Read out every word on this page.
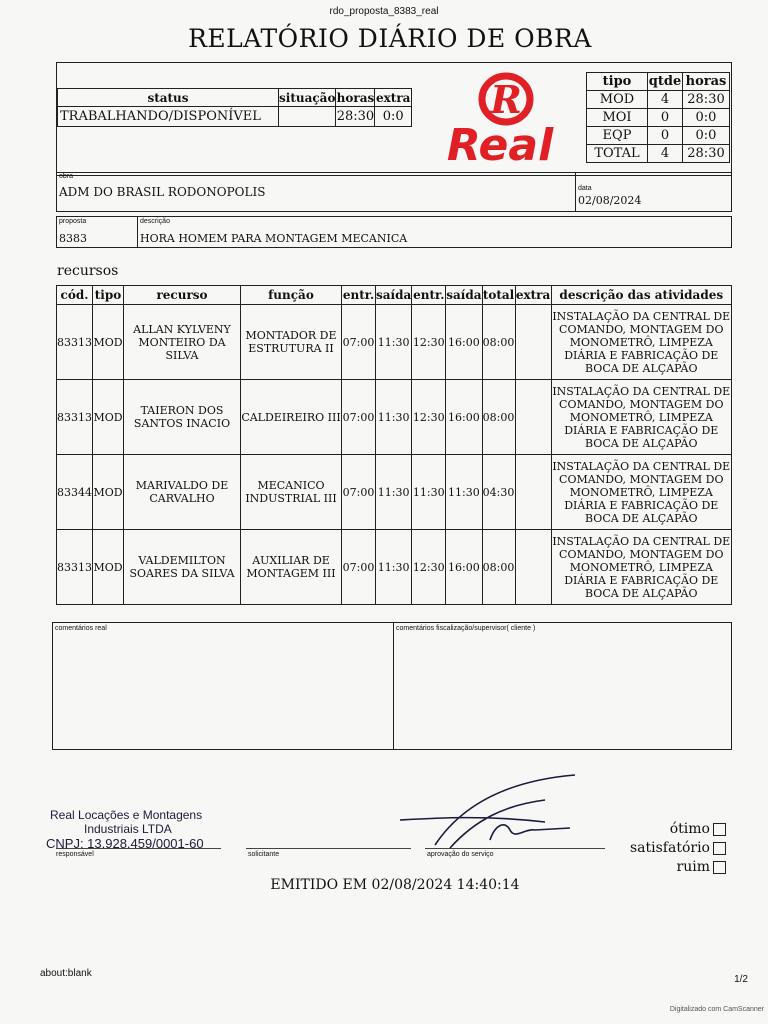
rdo_proposta_8383_real
RELATÓRIO DIÁRIO DE OBRA
status	situação	horas	extra
TRABALHANDO/DISPONÍVEL		28:30	0:0 R
Real
tipo	qtde	horas
MOD	4	28:30
MOI	0	0:0
EQP	0	0:0
TOTAL	4	28:30
obra
ADM DO BRASIL RODONOPOLIS	data
02/08/2024
proposta
8383
descrição
HORA HOMEM PARA MONTAGEM MECANICA
recursos
cód.	tipo	recurso	função	entr.	saída	entr.	saída	total	extra	descrição das atividades
83313	MOD	ALLAN KYLVENY MONTEIRO DA SILVA	MONTADOR DE ESTRUTURA II	07:00	11:30	12:30	16:00	08:00		INSTALAÇÃO DA CENTRAL DE COMANDO, MONTAGEM DO MONOMETRÔ, LIMPEZA DIÁRIA E FABRICAÇÃO DE BOCA DE ALÇAPÃO
83313	MOD	TAIERON DOS SANTOS INACIO	CALDEIREIRO III	07:00	11:30	12:30	16:00	08:00		INSTALAÇÃO DA CENTRAL DE COMANDO, MONTAGEM DO MONOMETRÔ, LIMPEZA DIÁRIA E FABRICAÇÃO DE BOCA DE ALÇAPÃO
83344	MOD	MARIVALDO DE CARVALHO	MECANICO INDUSTRIAL III	07:00	11:30	11:30	11:30	04:30		INSTALAÇÃO DA CENTRAL DE COMANDO, MONTAGEM DO MONOMETRÔ, LIMPEZA DIÁRIA E FABRICAÇÃO DE BOCA DE ALÇAPÃO
83313	MOD	VALDEMILTON SOARES DA SILVA	AUXILIAR DE MONTAGEM III	07:00	11:30	12:30	16:00	08:00		INSTALAÇÃO DA CENTRAL DE COMANDO, MONTAGEM DO MONOMETRÔ, LIMPEZA DIÁRIA E FABRICAÇÃO DE BOCA DE ALÇAPÃO
comentários real	comentários fiscalização/supervisor( cliente )
Real Locações e Montagens
Industriais LTDA
CNPJ: 13.928.459/0001-60
responsável	solicitante	aprovação do serviço
ótimo
satisfatório
ruim
EMITIDO EM 02/08/2024 14:40:14
about:blank
1/2
Digitalizado com CamScanner
